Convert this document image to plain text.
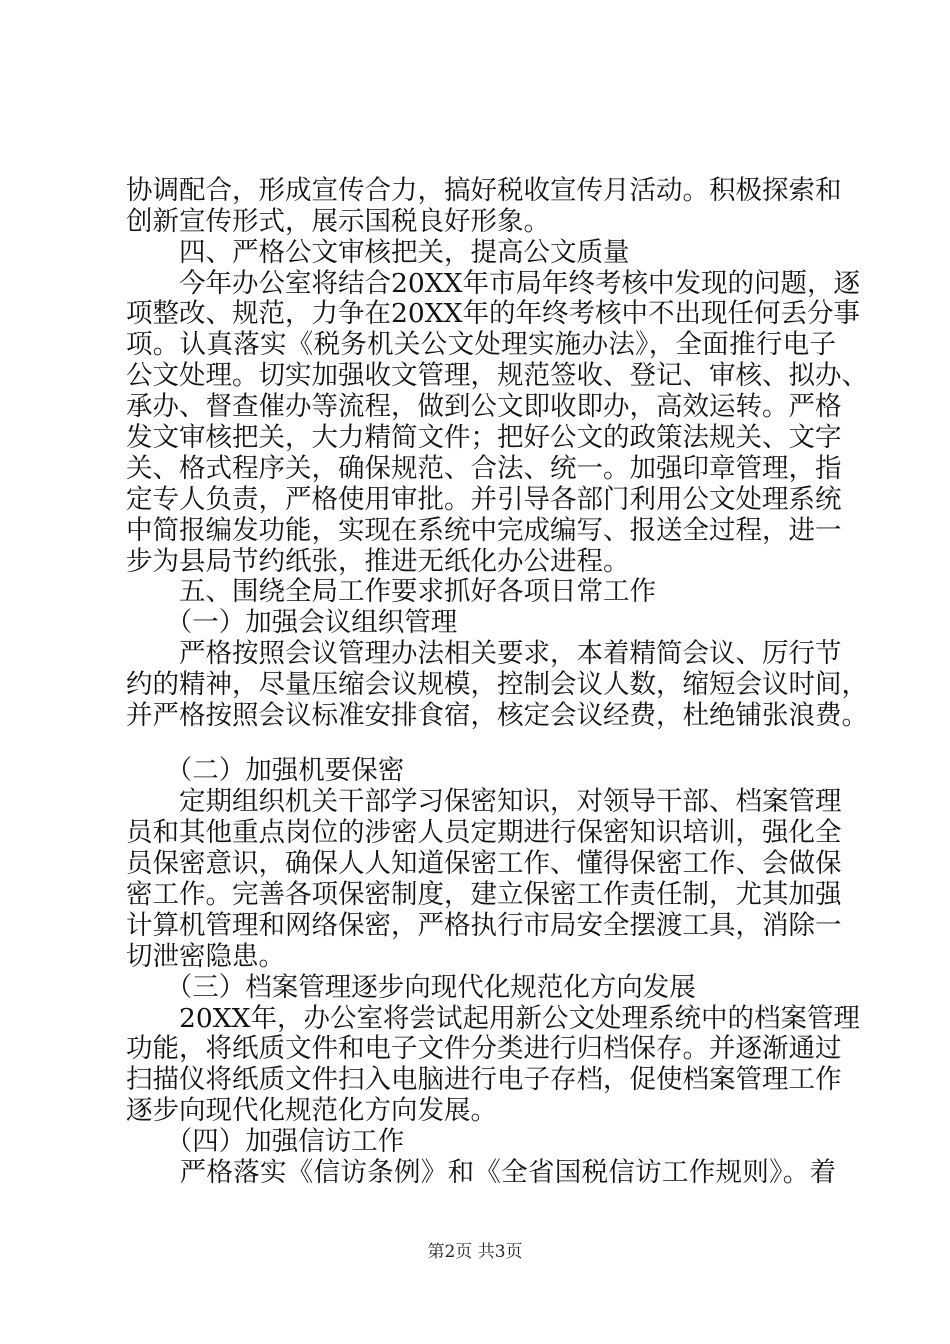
协调配合，形成宣传合力，搞好税收宣传月活动。积极探索和
创新宣传形式，展示国税良好形象。
　　四、严格公文审核把关，提高公文质量
　　今年办公室将结合20XX年市局年终考核中发现的问题，逐
项整改、规范，力争在20XX年的年终考核中不出现任何丢分事
项。认真落实《税务机关公文处理实施办法》，全面推行电子
公文处理。切实加强收文管理，规范签收、登记、审核、拟办、
承办、督查催办等流程，做到公文即收即办，高效运转。严格
发文审核把关，大力精简文件；把好公文的政策法规关、文字
关、格式程序关，确保规范、合法、统一。加强印章管理，指
定专人负责，严格使用审批。并引导各部门利用公文处理系统
中简报编发功能，实现在系统中完成编写、报送全过程，进一
步为县局节约纸张，推进无纸化办公进程。
　　五、围绕全局工作要求抓好各项日常工作
　　（一）加强会议组织管理
　　严格按照会议管理办法相关要求，本着精简会议、厉行节
约的精神，尽量压缩会议规模，控制会议人数，缩短会议时间，
并严格按照会议标准安排食宿，核定会议经费，杜绝铺张浪费。
　　（二）加强机要保密
　　定期组织机关干部学习保密知识，对领导干部、档案管理
员和其他重点岗位的涉密人员定期进行保密知识培训，强化全
员保密意识，确保人人知道保密工作、懂得保密工作、会做保
密工作。完善各项保密制度，建立保密工作责任制，尤其加强
计算机管理和网络保密，严格执行市局安全摆渡工具，消除一
切泄密隐患。
　　（三）档案管理逐步向现代化规范化方向发展
　　20XX年，办公室将尝试起用新公文处理系统中的档案管理
功能，将纸质文件和电子文件分类进行归档保存。并逐渐通过
扫描仪将纸质文件扫入电脑进行电子存档，促使档案管理工作
逐步向现代化规范化方向发展。
　　（四）加强信访工作
　　严格落实《信访条例》和《全省国税信访工作规则》。着
第2页 共3页
